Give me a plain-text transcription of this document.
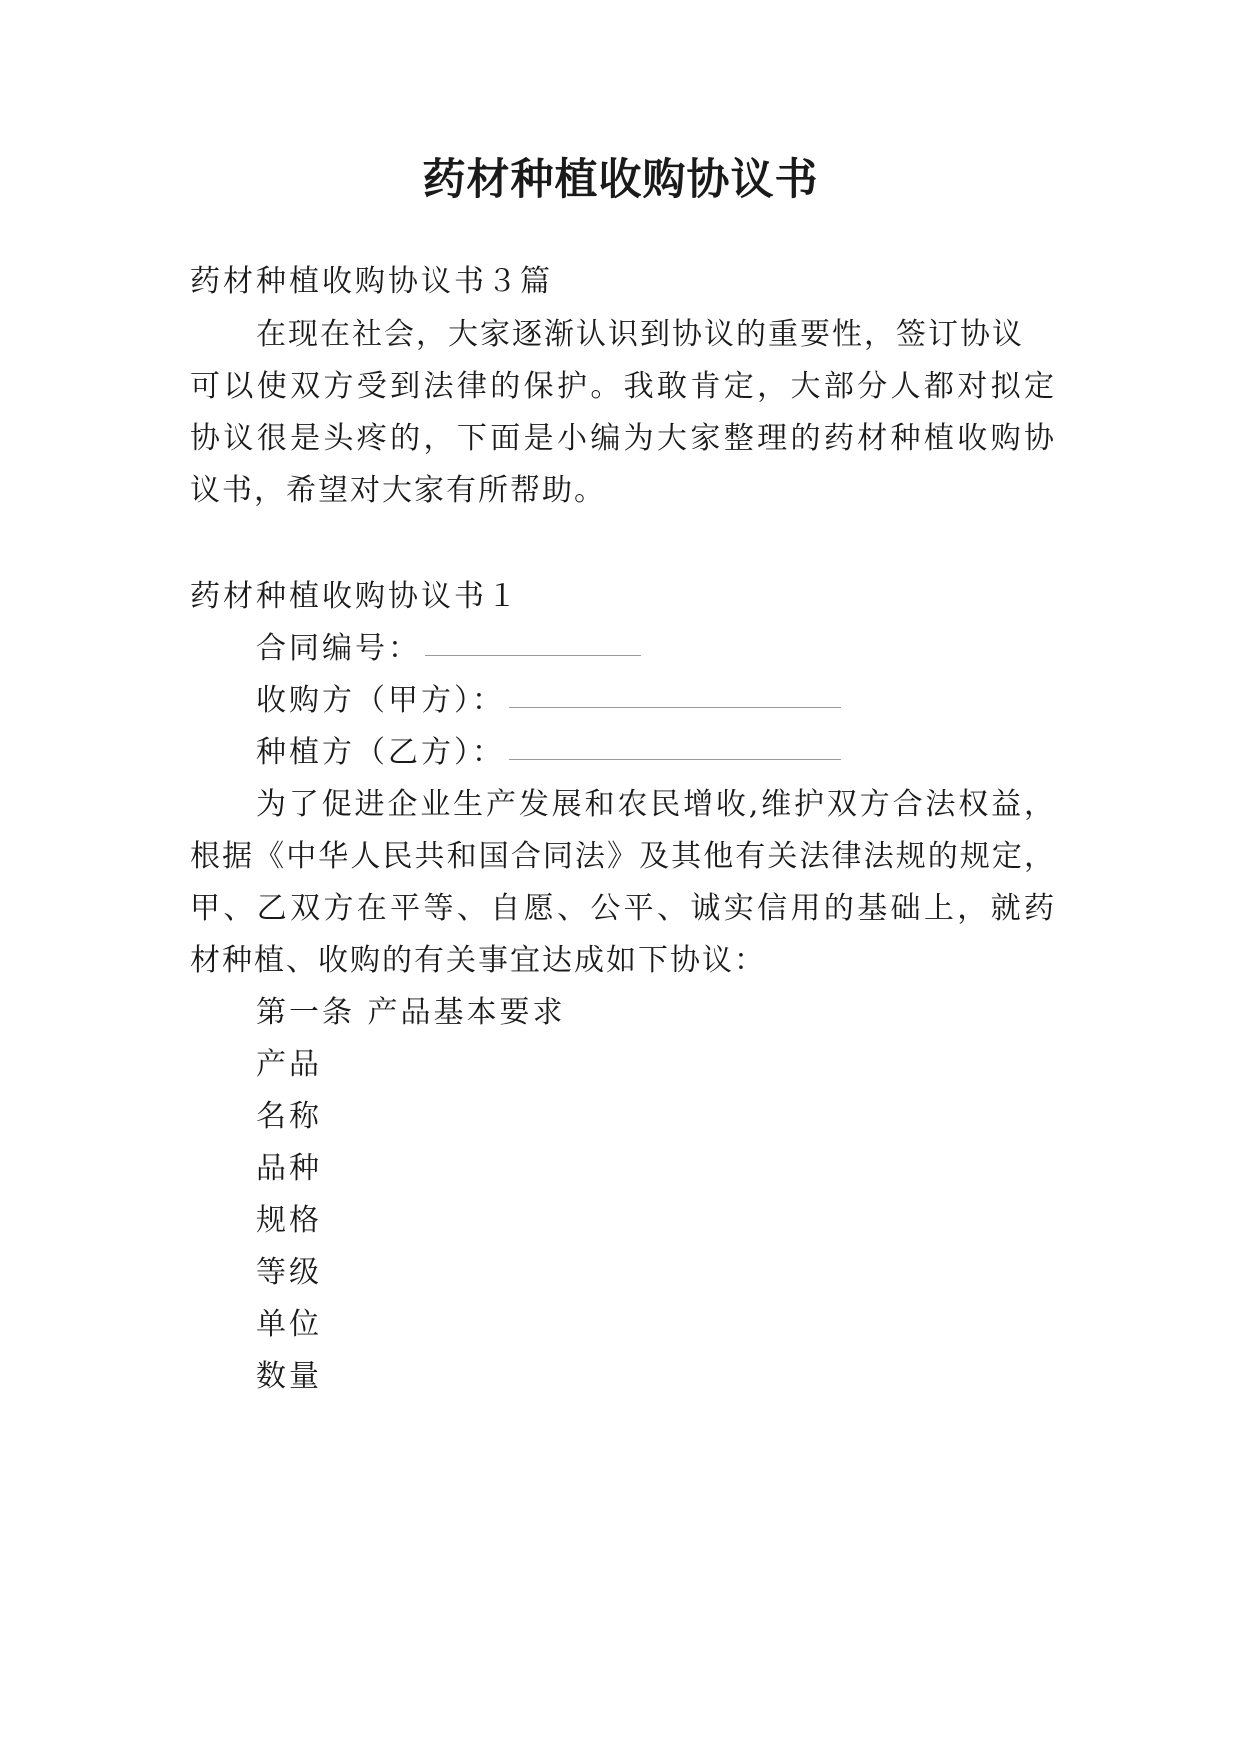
药材种植收购协议书

药材种植收购协议书３篇

在现在社会，大家逐渐认识到协议的重要性，签订协议

可以使双方受到法律的保护。我敢肯定，大部分人都对拟定

协议很是头疼的，下面是小编为大家整理的药材种植收购协

议书，希望对大家有所帮助。

药材种植收购协议书１

合同编号：

收购方（甲方）：

种植方（乙方）：

为了促进企业生产发展和农民增收,维护双方合法权益，

根据《中华人民共和国合同法》及其他有关法律法规的规定，

甲、乙双方在平等、自愿、公平、诚实信用的基础上，就药

材种植、收购的有关事宜达成如下协议：

第一条 产品基本要求

产品

名称

品种

规格

等级

单位

数量
